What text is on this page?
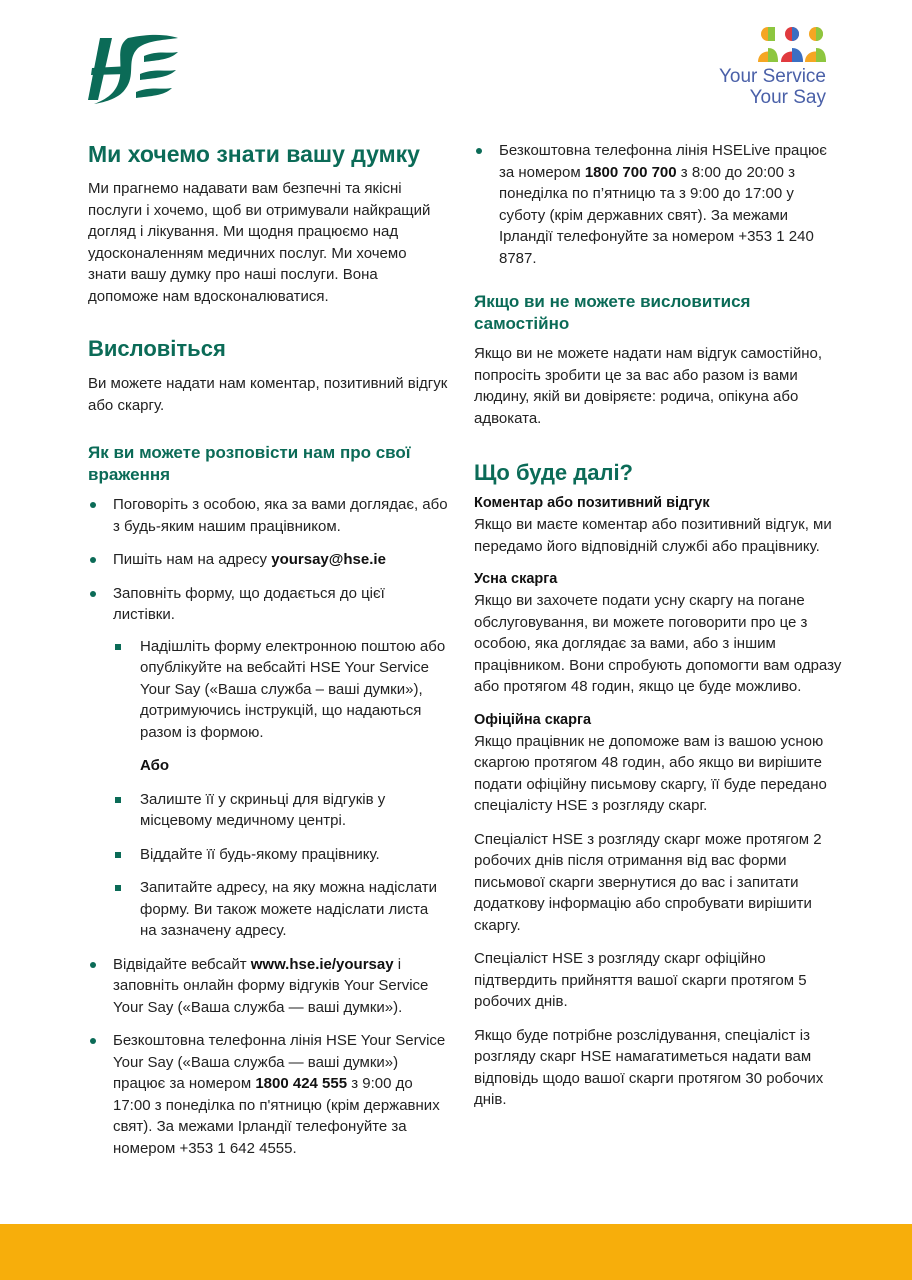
Your Service
Your Say
Ми хочемо знати вашу думку

Ми прагнемо надавати вам безпечні та якісні послуги і хочемо, щоб ви отримували найкращий догляд і лікування. Ми щодня працюємо над удосконаленням медичних послуг. Ми хочемо знати вашу думку про наші послуги. Вона допоможе нам вдосконалюватися.

Висловіться

Ви можете надати нам коментар, позитивний відгук або скаргу.

Як ви можете розповісти нам про свої враження
Поговоріть з особою, яка за вами доглядає, або з будь-яким нашим працівником.
Пишіть нам на адресу yoursay@hse.ie
Заповніть форму, що додається до цієї листівки.
Надішліть форму електронною поштою або опублікуйте на вебсайті HSE Your Service Your Say («Ваша служба – ваші думки»), дотримуючись інструкцій, що надаються разом із формою.
Або
Залиште її у скриньці для відгуків у місцевому медичному центрі.
Віддайте її будь-якому працівнику.
Запитайте адресу, на яку можна надіслати форму. Ви також можете надіслати листа на зазначену адресу.
Відвідайте вебсайт www.hse.ie/yoursay і заповніть онлайн форму відгуків Your Service Your Say («Ваша служба — ваші думки»).
Безкоштовна телефонна лінія HSE Your Service Your Say («Ваша служба — ваші думки») працює за номером 1800 424 555 з 9:00 до 17:00 з понеділка по п'ятницю (крім державних свят). За межами Ірландії телефонуйте за номером +353 1 642 4555.
Безкоштовна телефонна лінія HSELive працює за номером 1800 700 700 з 8:00 до 20:00 з понеділка по п’ятницю та з 9:00 до 17:00 у суботу (крім державних свят). За межами Ірландії телефонуйте за номером +353 1 240 8787.
Якщо ви не можете висловитися самостійно

Якщо ви не можете надати нам відгук самостійно, попросіть зробити це за вас або разом із вами людину, якій ви довіряєте: родича, опікуна або адвоката.

Що буде далі?
Коментар або позитивний відгук

Якщо ви маєте коментар або позитивний відгук, ми передамо його відповідній службі або працівнику.

Усна скарга

Якщо ви захочете подати усну скаргу на погане обслуговування, ви можете поговорити про це з особою, яка доглядає за вами, або з іншим працівником. Вони спробують допомогти вам одразу або протягом 48 годин, якщо це буде можливо.

Офіційна скарга

Якщо працівник не допоможе вам із вашою усною скаргою протягом 48 годин, або якщо ви вирішите подати офіційну письмову скаргу, її буде передано спеціалісту HSE з розгляду скарг.

Спеціаліст HSE з розгляду скарг може протягом 2 робочих днів після отримання від вас форми письмової скарги звернутися до вас і запитати додаткову інформацію або спробувати вирішити скаргу.

Спеціаліст HSE з розгляду скарг офіційно підтвердить прийняття вашої скарги протягом 5 робочих днів.

Якщо буде потрібне розслідування, спеціаліст із розгляду скарг HSE намагатиметься надати вам відповідь щодо вашої скарги протягом 30 робочих днів.
